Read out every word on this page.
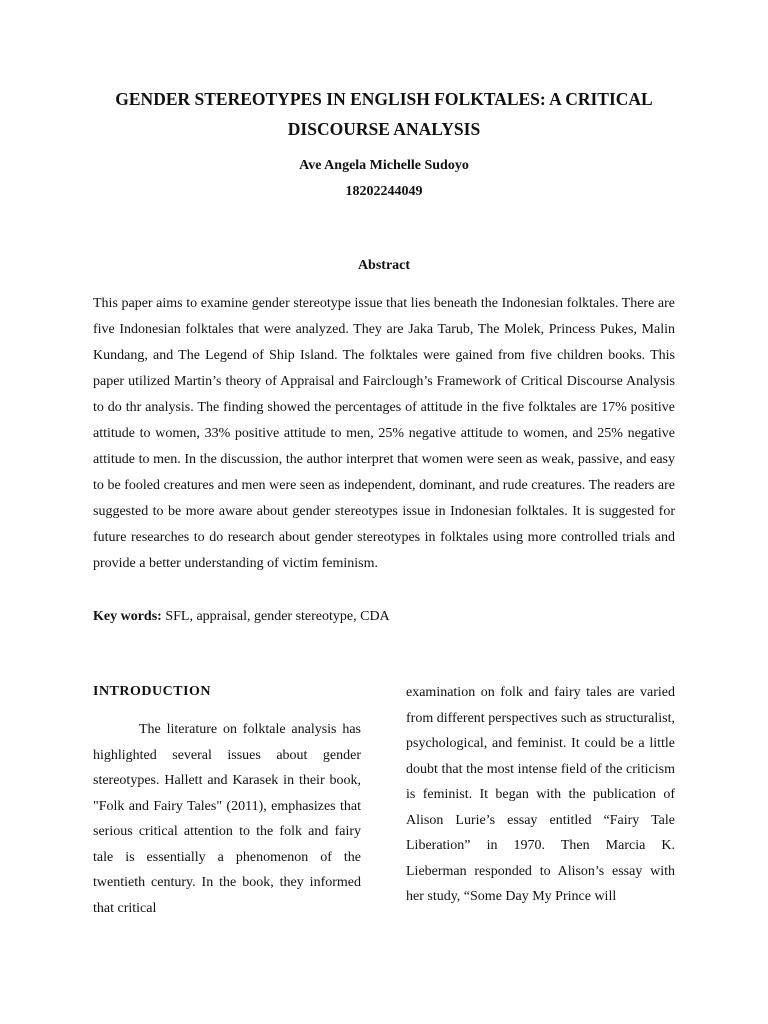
GENDER STEREOTYPES IN ENGLISH FOLKTALES: A CRITICAL DISCOURSE ANALYSIS
Ave Angela Michelle Sudoyo
18202244049
Abstract

This paper aims to examine gender stereotype issue that lies beneath the Indonesian folktales. There are five Indonesian folktales that were analyzed. They are Jaka Tarub, The Molek, Princess Pukes, Malin Kundang, and The Legend of Ship Island. The folktales were gained from five children books. This paper utilized Martin’s theory of Appraisal and Fairclough’s Framework of Critical Discourse Analysis to do thr analysis. The finding showed the percentages of attitude in the five folktales are 17% positive attitude to women, 33% positive attitude to men, 25% negative attitude to women, and 25% negative attitude to men. In the discussion, the author interpret that women were seen as weak, passive, and easy to be fooled creatures and men were seen as independent, dominant, and rude creatures. The readers are suggested to be more aware about gender stereotypes issue in Indonesian folktales. It is suggested for future researches to do research about gender stereotypes in folktales using more controlled trials and provide a better understanding of victim feminism.

Key words: SFL, appraisal, gender stereotype, CDA
INTRODUCTION

The literature on folktale analysis has highlighted several issues about gender stereotypes. Hallett and Karasek in their book, "Folk and Fairy Tales" (2011), emphasizes that serious critical attention to the folk and fairy tale is essentially a phenomenon of the twentieth century. In the book, they informed that critical

examination on folk and fairy tales are varied from different perspectives such as structuralist, psychological, and feminist. It could be a little doubt that the most intense field of the criticism is feminist. It began with the publication of Alison Lurie’s essay entitled “Fairy Tale Liberation” in 1970. Then Marcia K. Lieberman responded to Alison’s essay with her study, “Some Day My Prince will
